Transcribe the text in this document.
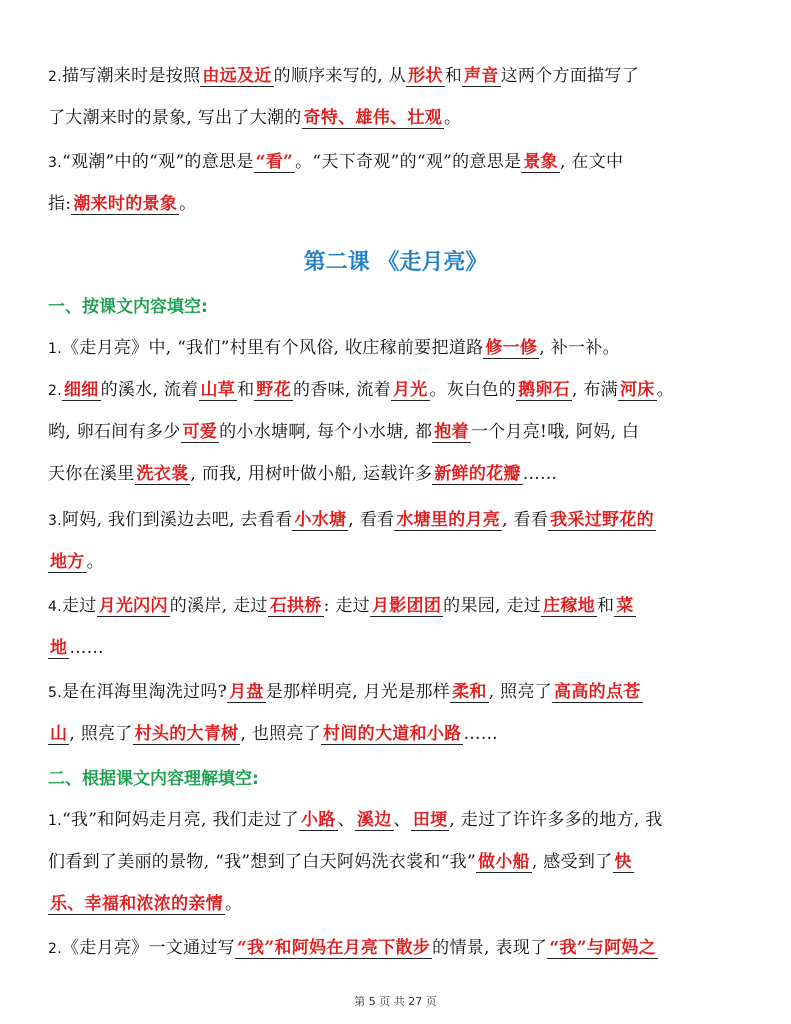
2.描写潮来时是按照 由远及近 的顺序来写的, 从 形状 和 声音 这两个方面描写了
了大潮来时的景象, 写出了大潮的 奇特、雄伟、壮观 。
3.“观潮”中的“观”的意思是 “看” 。“天下奇观”的“观”的意思是 景象 , 在文中
指: 潮来时的景象 。
第二课 《走月亮》
一、按课文内容填空:
1.《走月亮》中, “我们”村里有个风俗, 收庄稼前要把道路 修一修 , 补一补。
2. 细细 的溪水, 流着 山草 和 野花 的香味, 流着 月光 。灰白色的 鹅卵石 , 布满 河床 。
哟, 卵石间有多少 可爱 的小水塘啊, 每个小水塘, 都 抱着 一个月亮!哦, 阿妈, 白
天你在溪里 洗衣裳 , 而我, 用树叶做小船, 运载许多 新鲜的花瓣 ……
3.阿妈, 我们到溪边去吧, 去看看 小水塘 , 看看 水塘里的月亮 , 看看 我采过野花的
地方 。
4.走过 月光闪闪 的溪岸, 走过 石拱桥 : 走过 月影团团 的果园, 走过 庄稼地 和 菜
地 ……
5.是在洱海里淘洗过吗? 月盘 是那样明亮, 月光是那样 柔和 , 照亮了 高高的点苍
山 , 照亮了 村头的大青树 , 也照亮了 村间的大道和小路 ……
二、根据课文内容理解填空:
1.“我”和阿妈走月亮, 我们走过了 小路 、 溪边 、 田埂 , 走过了许许多多的地方, 我
们看到了美丽的景物, “我”想到了白天阿妈洗衣裳和“我” 做小船 , 感受到了 快
乐、幸福和浓浓的亲情 。
2.《走月亮》一文通过写 “我”和阿妈在月亮下散步 的情景, 表现了 “我”与阿妈之
第 5 页 共 27 页
